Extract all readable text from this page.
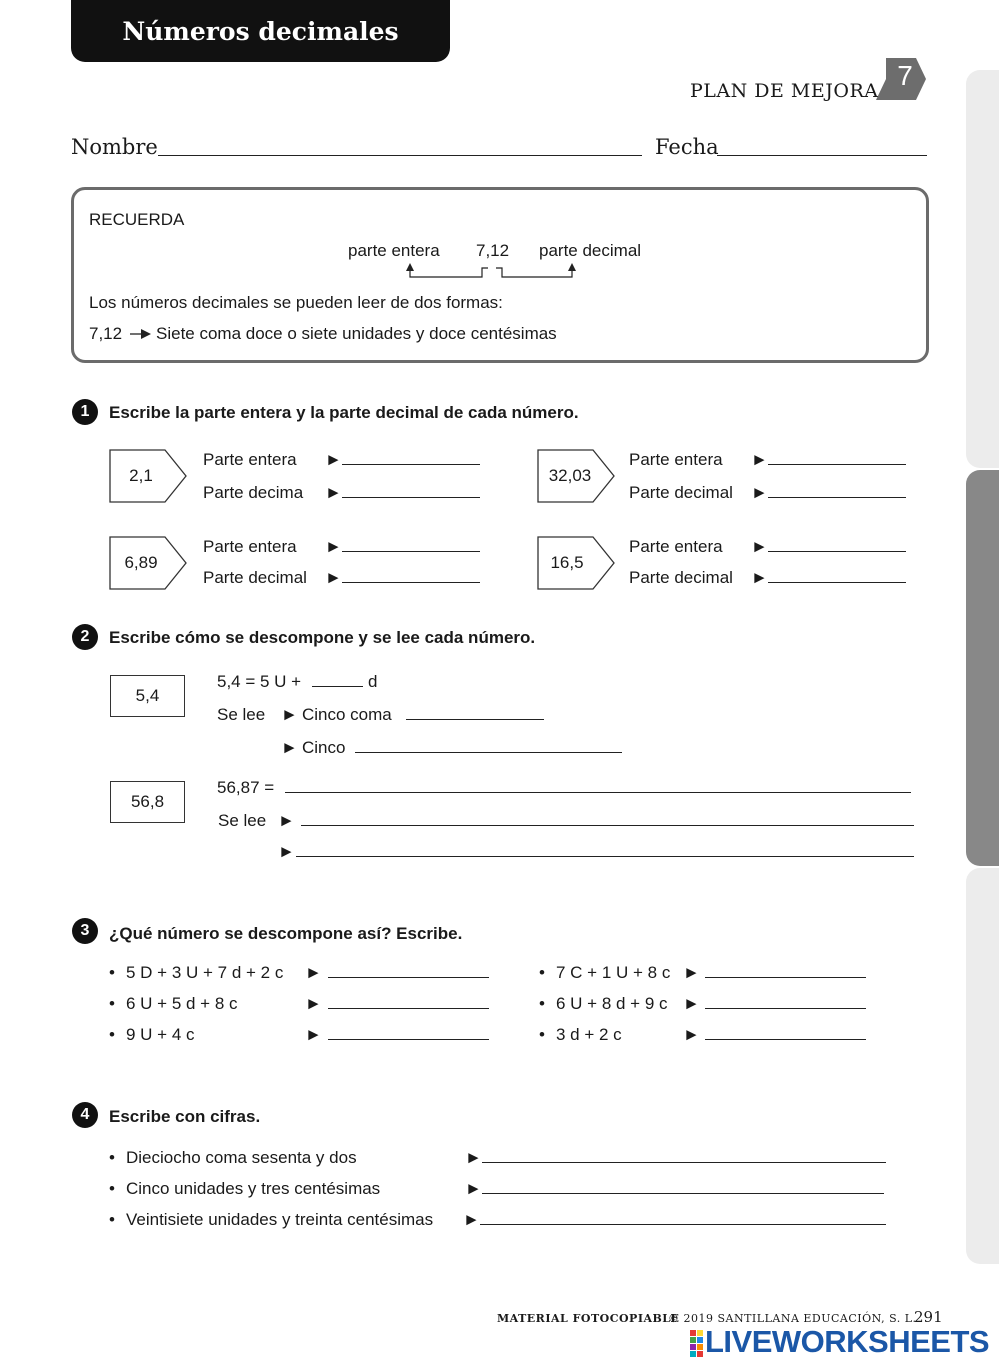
Números decimales
PLAN DE MEJORA 7
Nombre	Fecha
RECUERDA
parte entera 7,12 parte decimal
Los números decimales se pueden leer de dos formas:
7,12 Siete coma doce o siete unidades y doce centésimas
1	Escribe la parte entera y la parte decimal de cada número.
2,1
Parte entera ►
Parte decima ►
32,03
Parte entera ►
Parte decimal ►
6,89
Parte entera ►
Parte decimal ►
16,5
Parte entera ►
Parte decimal ►
2	Escribe cómo se descompone y se lee cada número.
5,4
5,4 = 5 U +	d
Se lee ► Cinco coma
► Cinco
56,8
56,87 =
Se lee ►
►
3	¿Qué número se descompone así? Escribe.
• 5 D + 3 U + 7 d + 2 c ►
• 6 U + 5 d + 8 c	►
• 9 U + 4 c	►
• 7 C + 1 U + 8 c ►
• 6 U + 8 d + 9 c ►
• 3 d + 2 c	►
4	Escribe con cifras.
• Dieciocho coma sesenta y dos	►
• Cinco unidades y tres centésimas	►
• Veintisiete unidades y treinta centésimas ►
MATERIAL FOTOCOPIABLE
© 2019 SANTILLANA EDUCACIÓN, S. L.
291
LIVEWORKSHEETS
